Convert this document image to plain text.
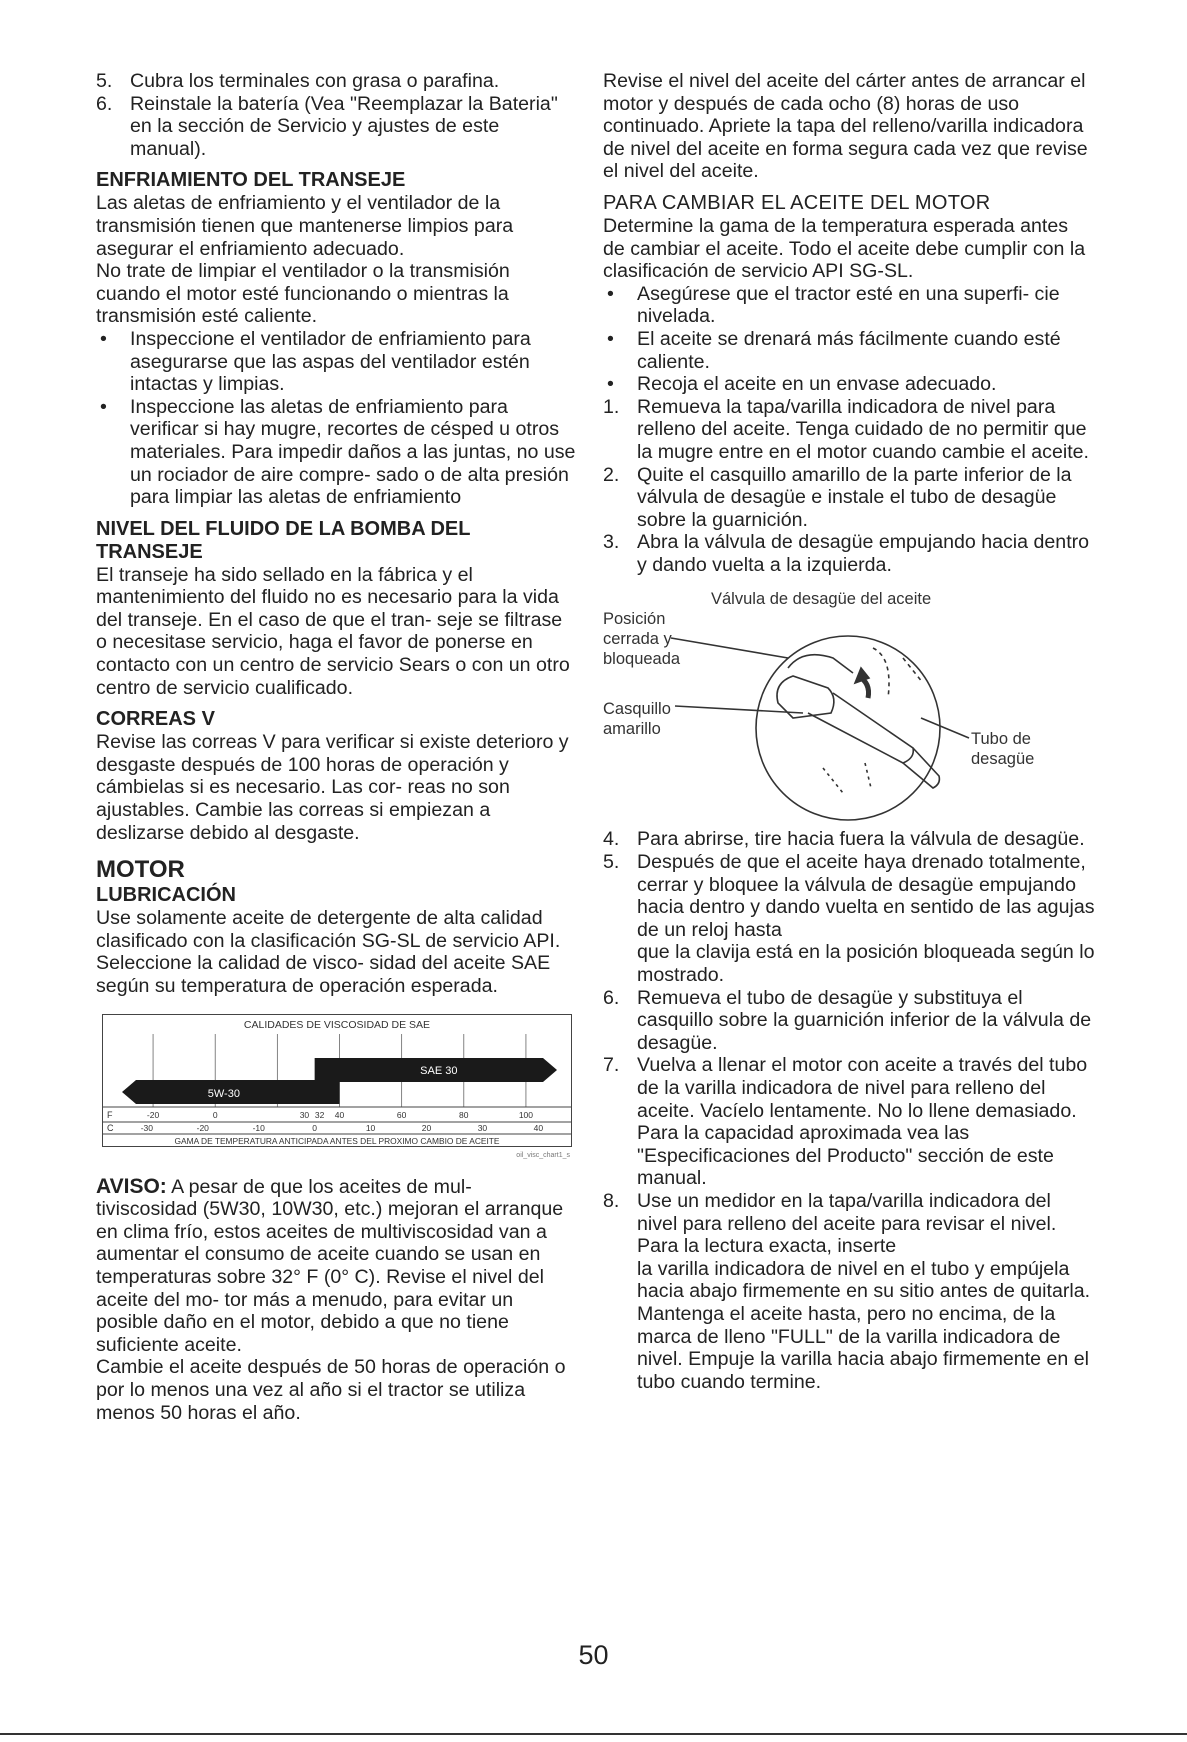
5. Cubra los terminales con grasa o parafina.
6. Reinstale la batería (Vea "Reemplazar la Bateria" en la sección de Servicio y ajustes de este manual).
ENFRIAMIENTO DEL TRANSEJE

Las aletas de enfriamiento y el ventilador de la transmisión tienen que mantenerse limpios para asegurar el enfriamiento adecuado.

No trate de limpiar el ventilador o la transmisión cuando el motor esté funcionando o mientras la transmisión esté caliente.

• Inspeccione el ventilador de enfriamiento para asegurarse que las aspas del ventilador estén intactas y limpias.
• Inspeccione las aletas de enfriamiento para verificar si hay mugre, recortes de césped u otros materiales. Para impedir daños a las juntas, no use un rociador de aire compre- sado o de alta presión para limpiar las aletas de enfriamiento
NIVEL DEL FLUIDO DE LA BOMBA DEL TRANSEJE

El transeje ha sido sellado en la fábrica y el mantenimiento del fluido no es necesario para la vida del transeje. En el caso de que el tran- seje se filtrase o necesitase servicio, haga el favor de ponerse en contacto con un centro de servicio Sears o con un otro centro de servicio cualificado.

CORREAS V

Revise las correas V para verificar si existe deterioro y desgaste después de 100 horas de operación y cámbielas si es necesario. Las cor- reas no son ajustables. Cambie las correas si empiezan a deslizarse debido al desgaste.

MOTOR
LUBRICACIÓN

Use solamente aceite de detergente de alta calidad clasificado con la clasificación SG-SL de servicio API. Seleccione la calidad de visco- sidad del aceite SAE según su temperatura de operación esperada.

CALIDADES DE VISCOSIDAD DE SAE
5W-30
SAE 30
F	-20	0	30 32 40	60	80	100
C	-30	-20	-10	0	10	20	30	40
GAMA DE TEMPERATURA ANTICIPADA ANTES DEL PROXIMO CAMBIO DE ACEITE
oil_visc_chart1_s

AVISO: A pesar de que los aceites de mul- tiviscosidad (5W30, 10W30, etc.) mejoran el arranque en clima frío, estos aceites de multiviscosidad van a aumentar el consumo de aceite cuando se usan en temperaturas sobre 32° F (0° C). Revise el nivel del aceite del mo- tor más a menudo, para evitar un posible daño en el motor, debido a que no tiene suficiente aceite.

Cambie el aceite después de 50 horas de operación o por lo menos una vez al año si el tractor se utiliza menos 50 horas el año.

Revise el nivel del aceite del cárter antes de arrancar el motor y después de cada ocho (8) horas de uso continuado. Apriete la tapa del relleno/varilla indicadora de nivel del aceite en forma segura cada vez que revise el nivel del aceite.

PARA CAMBIAR EL ACEITE DEL MOTOR

Determine la gama de la temperatura esperada antes de cambiar el aceite. Todo el aceite debe cumplir con la clasificación de servicio API SG-SL.

• Asegúrese que el tractor esté en una superfi- cie nivelada.
• El aceite se drenará más fácilmente cuando esté caliente.
• Recoja el aceite en un envase adecuado.
1. Remueva la tapa/varilla indicadora de nivel para relleno del aceite. Tenga cuidado de no permitir que la mugre entre en el motor cuando cambie el aceite.
2. Quite el casquillo amarillo de la parte inferior de la válvula de desagüe e instale el tubo de desagüe sobre la guarnición.
3. Abra la válvula de desagüe empujando hacia dentro y dando vuelta a la izquierda.
Válvula de desagüe del aceite
Posición
cerrada y
bloqueada
Casquillo
amarillo
Tubo de
desagüe
4. Para abrirse, tire hacia fuera la válvula de desagüe.
5. Después de que el aceite haya drenado totalmente, cerrar y bloquee la válvula de desagüe empujando hacia dentro y dando vuelta en sentido de las agujas de un reloj hasta
que la clavija está en la posición bloqueada según lo mostrado.
6. Remueva el tubo de desagüe y substituya el casquillo sobre la guarnición inferior de la válvula de
desagüe.
7. Vuelva a llenar el motor con aceite a través del tubo de la varilla indicadora de nivel para relleno del aceite. Vacíelo lentamente. No lo llene demasiado. Para la capacidad aproximada vea las "Especificaciones del Producto" sección de este manual.
8. Use un medidor en la tapa/varilla indicadora del nivel para relleno del aceite para revisar el nivel. Para la lectura exacta, inserte
la varilla indicadora de nivel en el tubo y empújela hacia abajo firmemente en su sitio antes de quitarla. Mantenga el aceite hasta, pero no encima, de la marca de lleno "FULL" de la varilla indicadora de nivel. Empuje la varilla hacia abajo firmemente en el tubo cuando termine.
50
